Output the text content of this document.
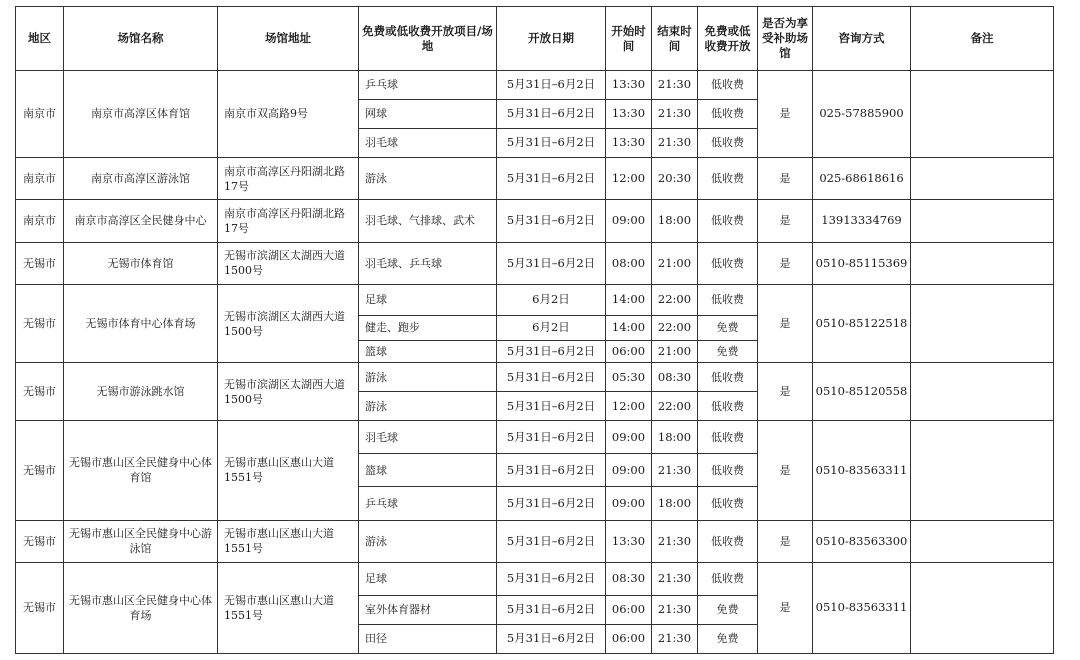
地区	场馆名称	场馆地址	免费或低收费开放项目/场地	开放日期	开始时间	结束时间	免费或低收费开放	是否为享受补助场馆	咨询方式	备注
南京市	南京市高淳区体育馆	南京市双高路9号	乒乓球	5月31日–6月2日	13:30	21:30	低收费	是	025-57885900	
			网球	5月31日–6月2日	13:30	21:30	低收费			
			羽毛球	5月31日–6月2日	13:30	21:30	低收费			
南京市	南京市高淳区游泳馆	南京市高淳区丹阳湖北路17号	游泳	5月31日–6月2日	12:00	20:30	低收费	是	025-68618616	
南京市	南京市高淳区全民健身中心	南京市高淳区丹阳湖北路17号	羽毛球、气排球、武术	5月31日–6月2日	09:00	18:00	低收费	是	13913334769	
无锡市	无锡市体育馆	无锡市滨湖区太湖西大道1500号	羽毛球、乒乓球	5月31日–6月2日	08:00	21:00	低收费	是	0510-85115369	
无锡市	无锡市体育中心体育场	无锡市滨湖区太湖西大道1500号	足球	6月2日	14:00	22:00	低收费	是	0510-85122518	
			健走、跑步	6月2日	14:00	22:00	免费			
			篮球	5月31日–6月2日	06:00	21:00	免费			
无锡市	无锡市游泳跳水馆	无锡市滨湖区太湖西大道1500号	游泳	5月31日–6月2日	05:30	08:30	低收费	是	0510-85120558	
			游泳	5月31日–6月2日	12:00	22:00	低收费			
无锡市	无锡市惠山区全民健身中心体育馆	无锡市惠山区惠山大道1551号	羽毛球	5月31日–6月2日	09:00	18:00	低收费	是	0510-83563311	
			篮球	5月31日–6月2日	09:00	21:30	低收费			
			乒乓球	5月31日–6月2日	09:00	18:00	低收费			
无锡市	无锡市惠山区全民健身中心游泳馆	无锡市惠山区惠山大道1551号	游泳	5月31日–6月2日	13:30	21:30	低收费	是	0510-83563300	
无锡市	无锡市惠山区全民健身中心体育场	无锡市惠山区惠山大道1551号	足球	5月31日–6月2日	08:30	21:30	低收费	是	0510-83563311	
			室外体育器材	5月31日–6月2日	06:00	21:30	免费			
			田径	5月31日–6月2日	06:00	21:30	免费			
